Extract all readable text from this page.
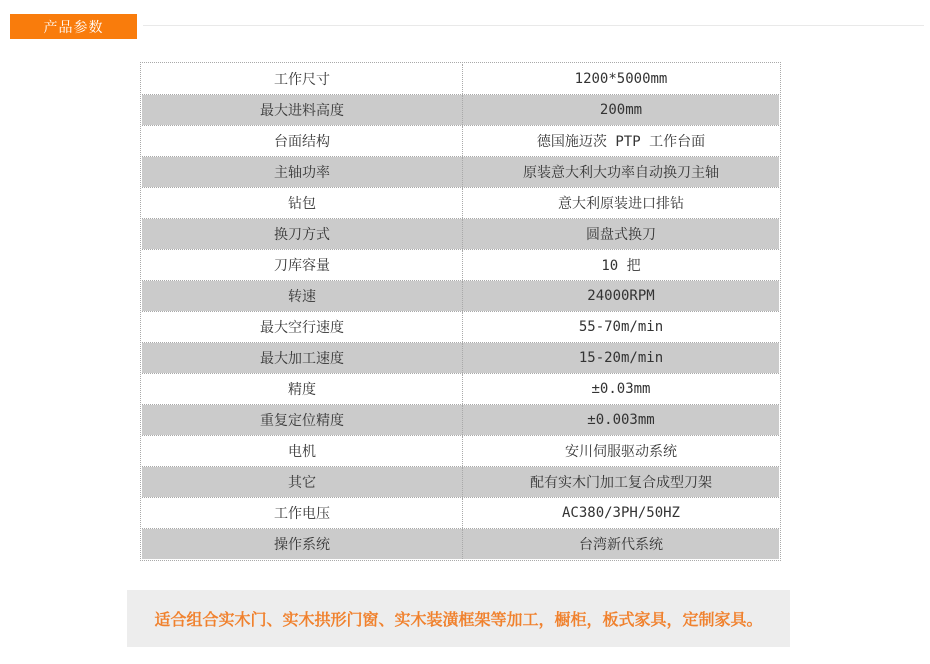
产品参数
工作尺寸	1200*5000mm
最大进料高度	200mm
台面结构	德国施迈茨 PTP 工作台面
主轴功率	原装意大利大功率自动换刀主轴
钻包	意大利原装进口排钻
换刀方式	圆盘式换刀
刀库容量	10 把
转速	24000RPM
最大空行速度	55-70m/min
最大加工速度	15-20m/min
精度	±0.03mm
重复定位精度	±0.003mm
电机	安川伺服驱动系统
其它	配有实木门加工复合成型刀架
工作电压	AC380/3PH/50HZ
操作系统	台湾新代系统
适合组合实木门、实木拱形门窗、实木装潢框架等加工，橱柜，板式家具，定制家具。
